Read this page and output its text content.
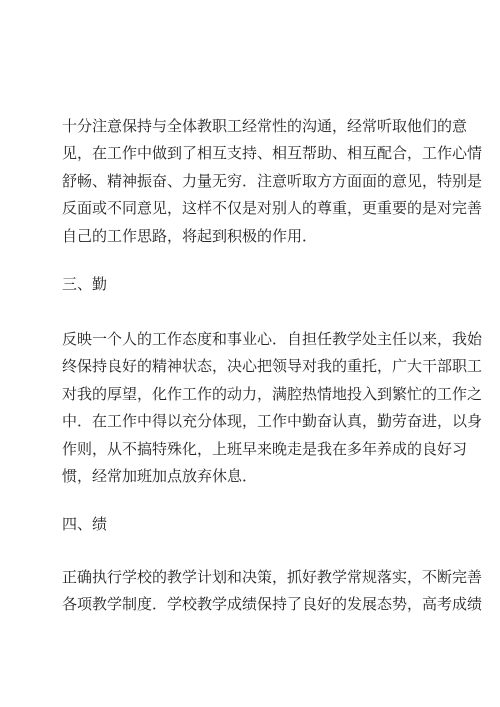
十分注意保持与全体教职工经常性的沟通，经常听取他们的意
见，在工作中做到了相互支持、相互帮助、相互配合，工作心情
舒畅、精神振奋、力量无穷．注意听取方方面面的意见，特别是
反面或不同意见，这样不仅是对别人的尊重，更重要的是对完善
自己的工作思路，将起到积极的作用．
三、勤
反映一个人的工作态度和事业心．自担任教学处主任以来，我始
终保持良好的精神状态，决心把领导对我的重托，广大干部职工
对我的厚望，化作工作的动力，满腔热情地投入到繁忙的工作之
中．在工作中得以充分体现，工作中勤奋认真，勤劳奋进，以身
作则，从不搞特殊化，上班早来晚走是我在多年养成的良好习
惯，经常加班加点放弃休息．
四、绩
正确执行学校的教学计划和决策，抓好教学常规落实，不断完善
各项教学制度．学校教学成绩保持了良好的发展态势，高考成绩
